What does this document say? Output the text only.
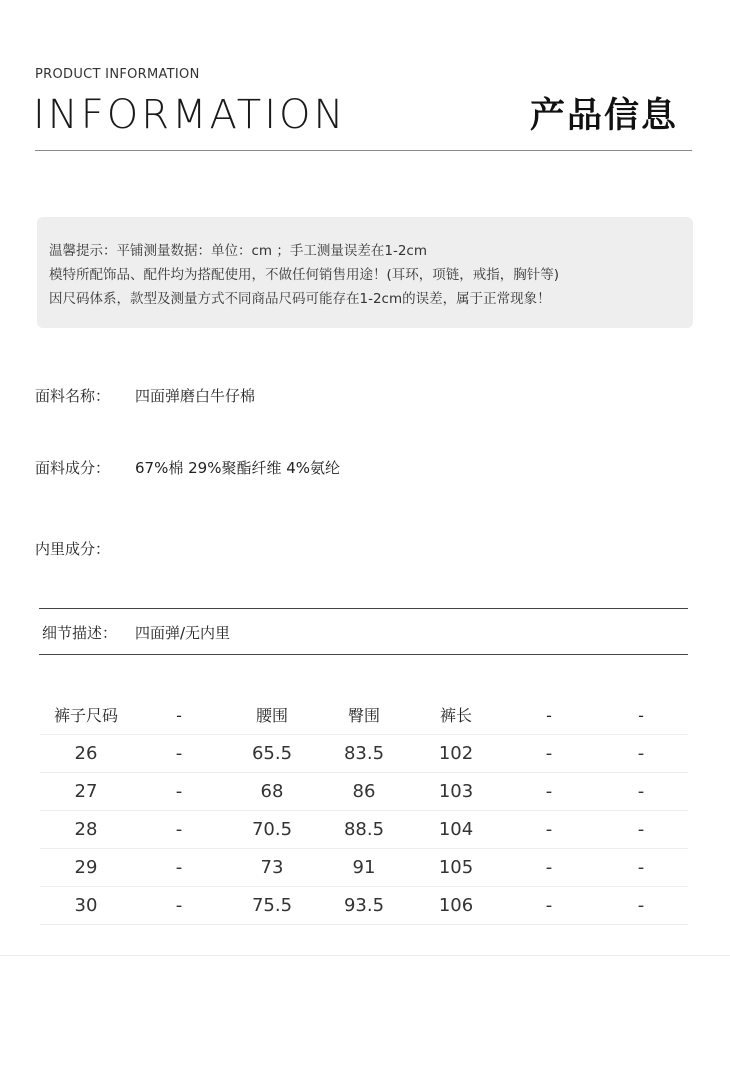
PRODUCT INFORMATION
INFORMATION	产品信息
温馨提示：平铺测量数据：单位：cm ；手工测量误差在1-2cm
模特所配饰品、配件均为搭配使用，不做任何销售用途！(耳环，项链，戒指，胸针等)
因尺码体系，款型及测量方式不同商品尺码可能存在1-2cm的误差，属于正常现象！
面料名称： 四面弹磨白牛仔棉
面料成分： 67%棉 29%聚酯纤维 4%氨纶
内里成分：
细节描述： 四面弹/无内里
裤子尺码	-	腰围	臀围	裤长	-	-
26	-	65.5	83.5	102	-	-
27	-	68	86	103	-	-
28	-	70.5	88.5	104	-	-
29	-	73	91	105	-	-
30	-	75.5	93.5	106	-	-
